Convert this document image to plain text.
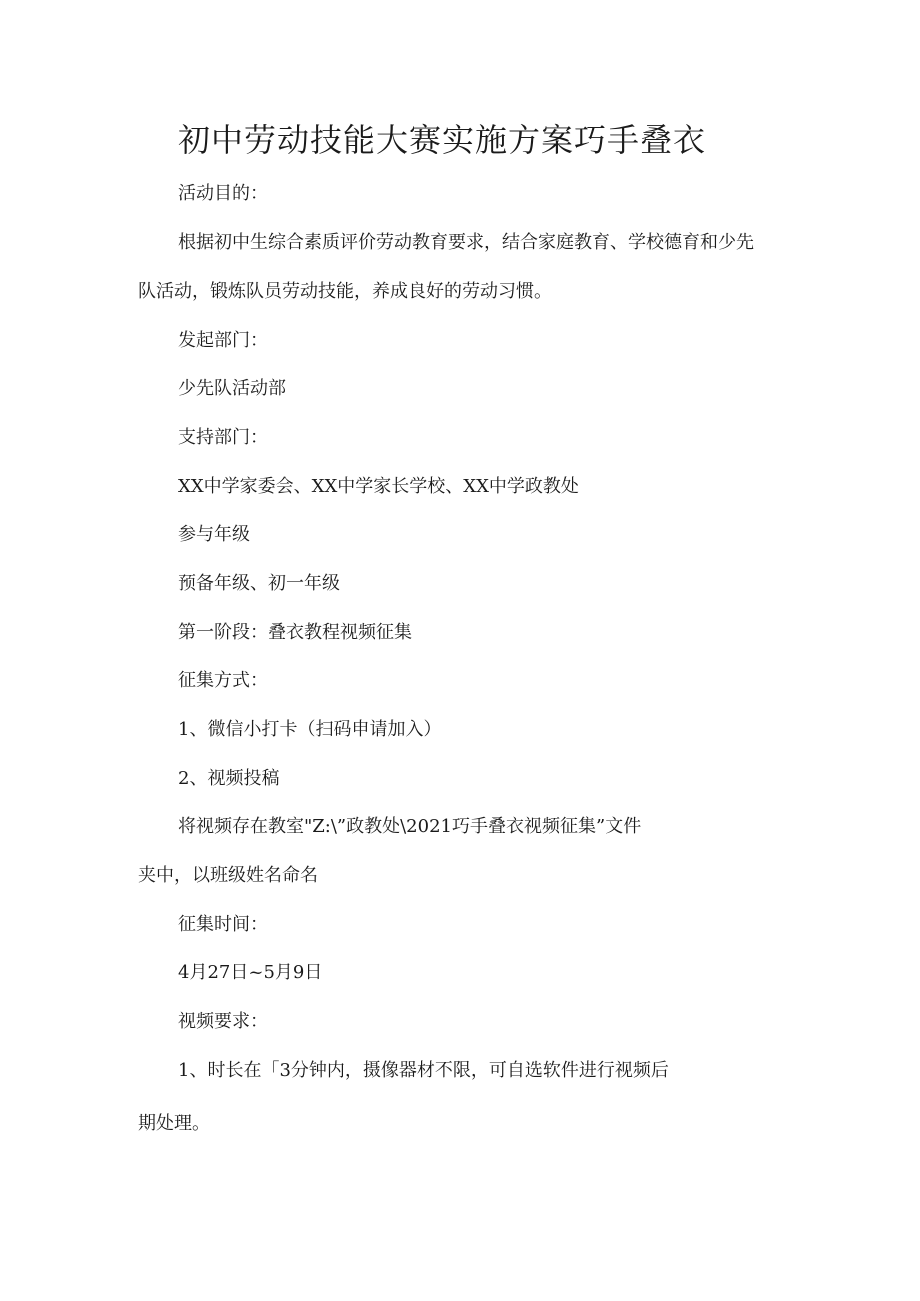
初中劳动技能大赛实施方案巧手叠衣

活动目的：

根据初中生综合素质评价劳动教育要求，结合家庭教育、学校德育和少先

队活动，锻炼队员劳动技能，养成良好的劳动习惯。

发起部门：

少先队活动部

支持部门：

XX中学家委会、XX中学家长学校、XX中学政教处

参与年级

预备年级、初一年级

第一阶段：叠衣教程视频征集

征集方式：

1、微信小打卡（扫码申请加入）

2、视频投稿

将视频存在教室"Z:\”政教处\2021巧手叠衣视频征集”文件

夹中，以班级姓名命名

征集时间：

4月27日~5月9日

视频要求：

1、时长在「3分钟内，摄像器材不限，可自选软件进行视频后

期处理。
